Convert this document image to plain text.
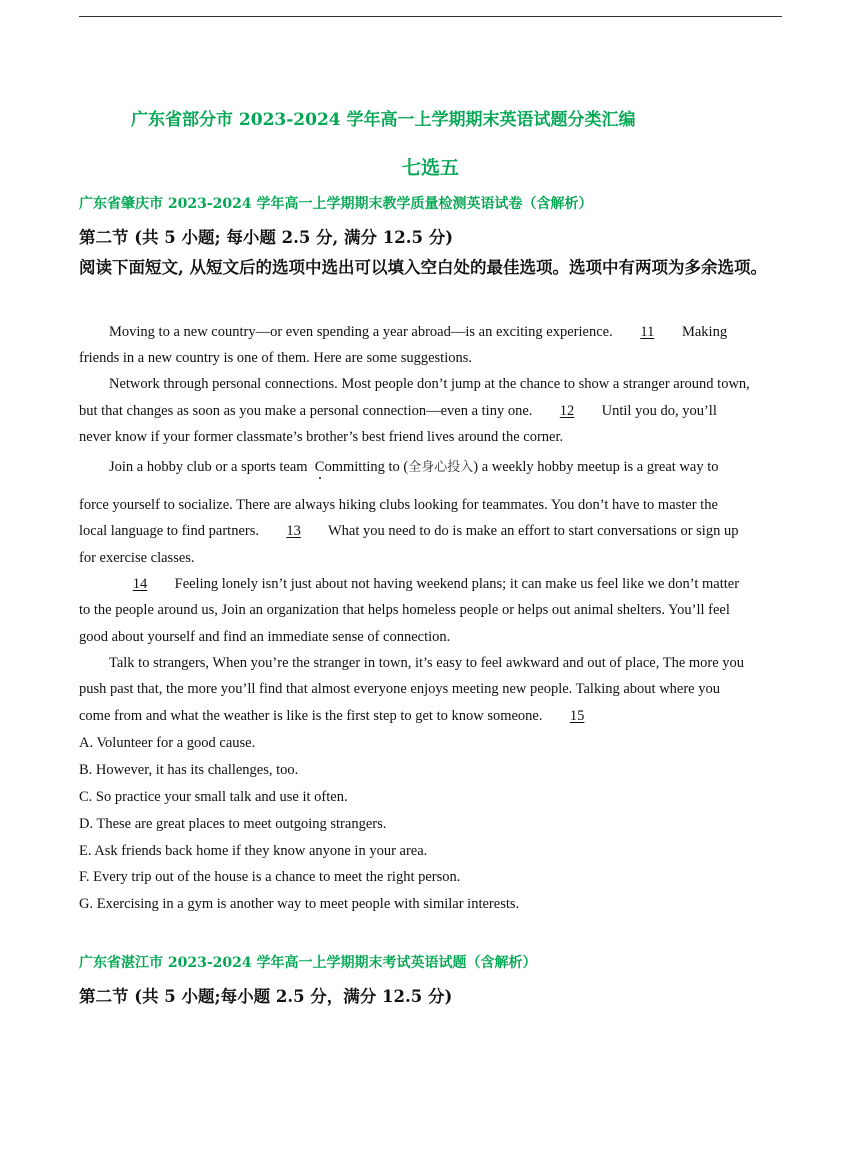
广东省部分市 2023-2024 学年高一上学期期末英语试题分类汇编
七选五
广东省肇庆市 2023-2024 学年高一上学期期末教学质量检测英语试卷（含解析）
第二节 (共 5 小题; 每小题 2.5 分, 满分 12.5 分)
阅读下面短文, 从短文后的选项中选出可以填入空白处的最佳选项。选项中有两项为多余选项。
Moving to a new country—or even spending a year abroad—is an exciting experience. 11 Making
friends in a new country is one of them. Here are some suggestions.
Network through personal connections. Most people don’t jump at the chance to show a stranger around town,
but that changes as soon as you make a personal connection—even a tiny one. 12 Until you do, you’ll
never know if your former classmate’s brother’s best friend lives around the corner.
Join a hobby club or a sports team Committing to (全身心投入) a weekly hobby meetup is a great way to
force yourself to socialize. There are always hiking clubs looking for teammates. You don’t have to master the
local language to find partners. 13 What you need to do is make an effort to start conversations or sign up
for exercise classes.
14 Feeling lonely isn’t just about not having weekend plans; it can make us feel like we don’t matter
to the people around us, Join an organization that helps homeless people or helps out animal shelters. You’ll feel
good about yourself and find an immediate sense of connection.
Talk to strangers, When you’re the stranger in town, it’s easy to feel awkward and out of place, The more you
push past that, the more you’ll find that almost everyone enjoys meeting new people. Talking about where you
come from and what the weather is like is the first step to get to know someone. 15
A. Volunteer for a good cause.
B. However, it has its challenges, too.
C. So practice your small talk and use it often.
D. These are great places to meet outgoing strangers.
E. Ask friends back home if they know anyone in your area.
F. Every trip out of the house is a chance to meet the right person.
G. Exercising in a gym is another way to meet people with similar interests.
广东省湛江市 2023-2024 学年高一上学期期末考试英语试题（含解析）
第二节 (共 5 小题;每小题 2.5 分，满分 12.5 分)
